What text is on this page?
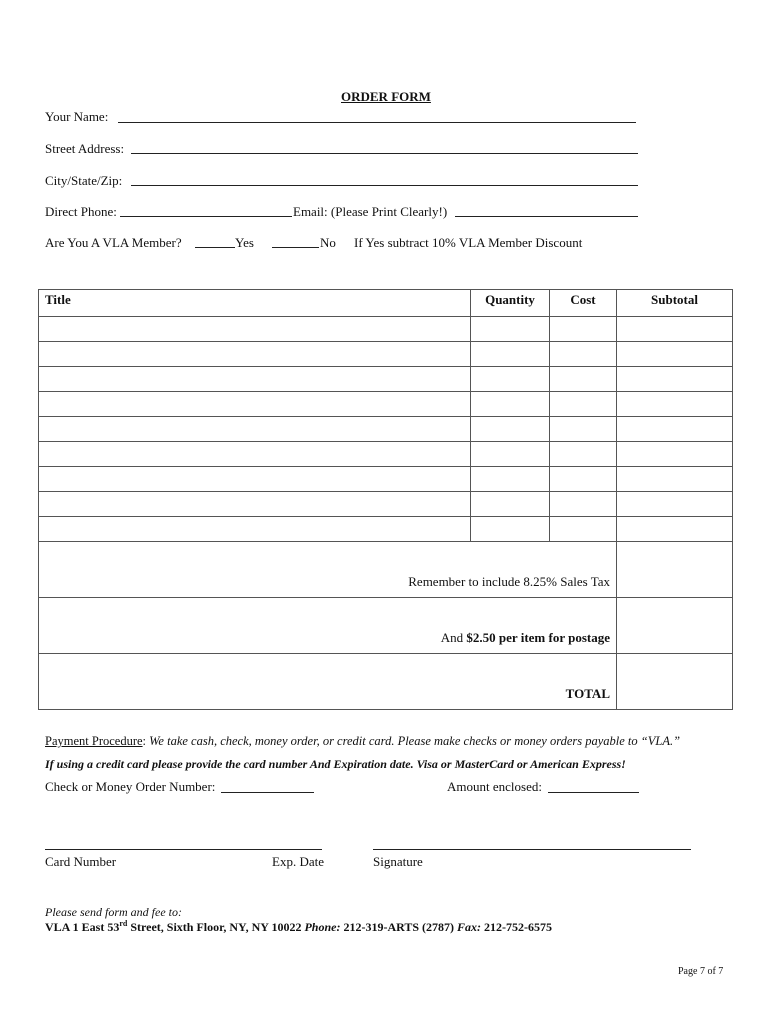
ORDER FORM
Your Name:
Street Address:
City/State/Zip:
Direct Phone:	Email: (Please Print Clearly!)
Are You A VLA Member?	Yes	No If Yes subtract 10% VLA Member Discount
Title	Quantity	Cost	Subtotal

Remember to include 8.25% Sales Tax			
And $2.50 per item for postage			
TOTAL			
Payment Procedure: We take cash, check, money order, or credit card. Please make checks or money orders payable to “VLA.”
If using a credit card please provide the card number And Expiration date. Visa or MasterCard or American Express!
Check or Money Order Number:	Amount enclosed:
Card Number	Exp. Date	Signature
Please send form and fee to:
VLA 1 East 53rd Street, Sixth Floor, NY, NY 10022 Phone: 212-319-ARTS (2787) Fax: 212-752-6575
Page 7 of 7
